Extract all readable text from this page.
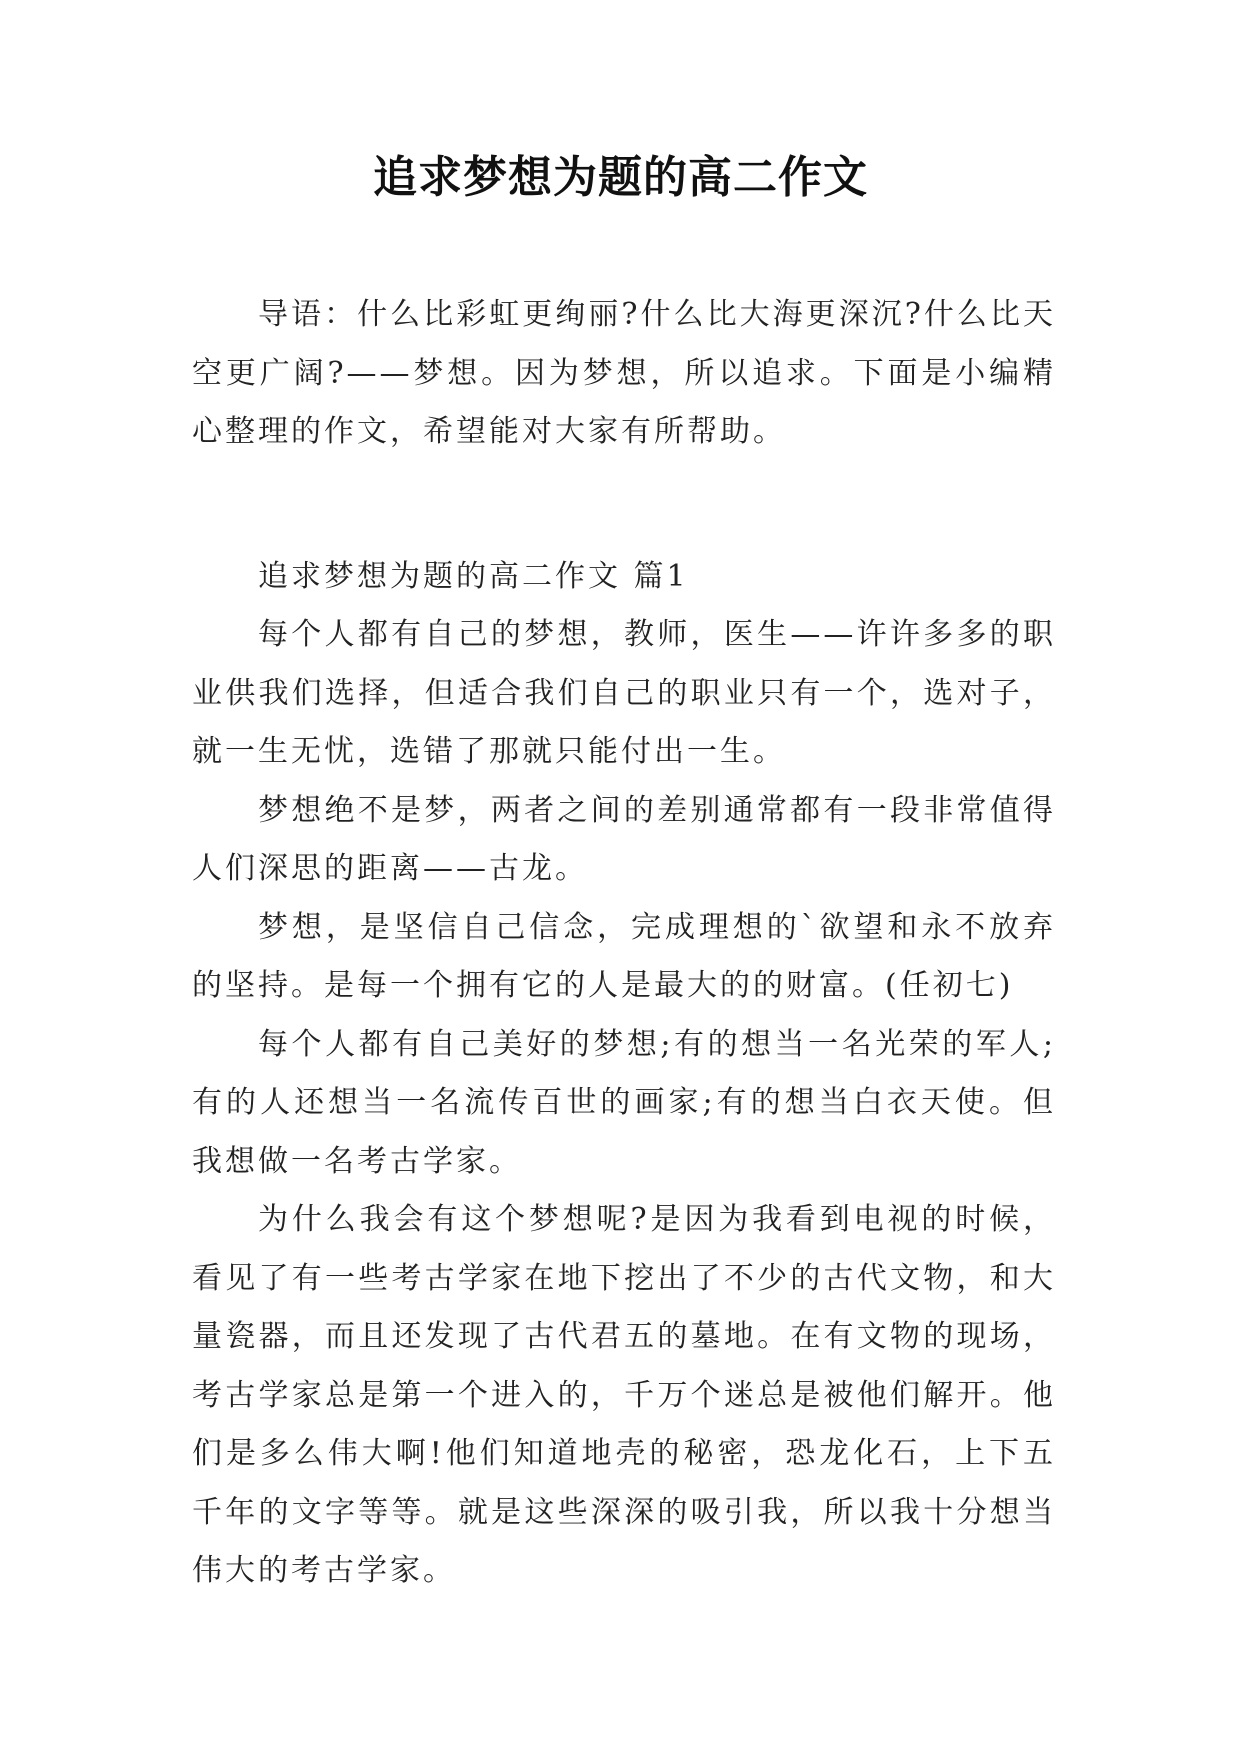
追求梦想为题的高二作文

导语：什么比彩虹更绚丽?什么比大海更深沉?什么比天空更广阔?——梦想。因为梦想，所以追求。下面是小编精心整理的作文，希望能对大家有所帮助。

追求梦想为题的高二作文 篇1

每个人都有自己的梦想，教师，医生——许许多多的职业供我们选择，但适合我们自己的职业只有一个，选对子，就一生无忧，选错了那就只能付出一生。

梦想绝不是梦，两者之间的差别通常都有一段非常值得人们深思的距离——古龙。

梦想，是坚信自己信念，完成理想的`欲望和永不放弃的坚持。是每一个拥有它的人是最大的的财富。(任初七)

每个人都有自己美好的梦想;有的想当一名光荣的军人;有的人还想当一名流传百世的画家;有的想当白衣天使。但我想做一名考古学家。

为什么我会有这个梦想呢?是因为我看到电视的时候，看见了有一些考古学家在地下挖出了不少的古代文物，和大量瓷器，而且还发现了古代君五的墓地。在有文物的现场，考古学家总是第一个进入的，千万个迷总是被他们解开。他们是多么伟大啊!他们知道地壳的秘密，恐龙化石，上下五千年的文字等等。就是这些深深的吸引我，所以我十分想当伟大的考古学家。
